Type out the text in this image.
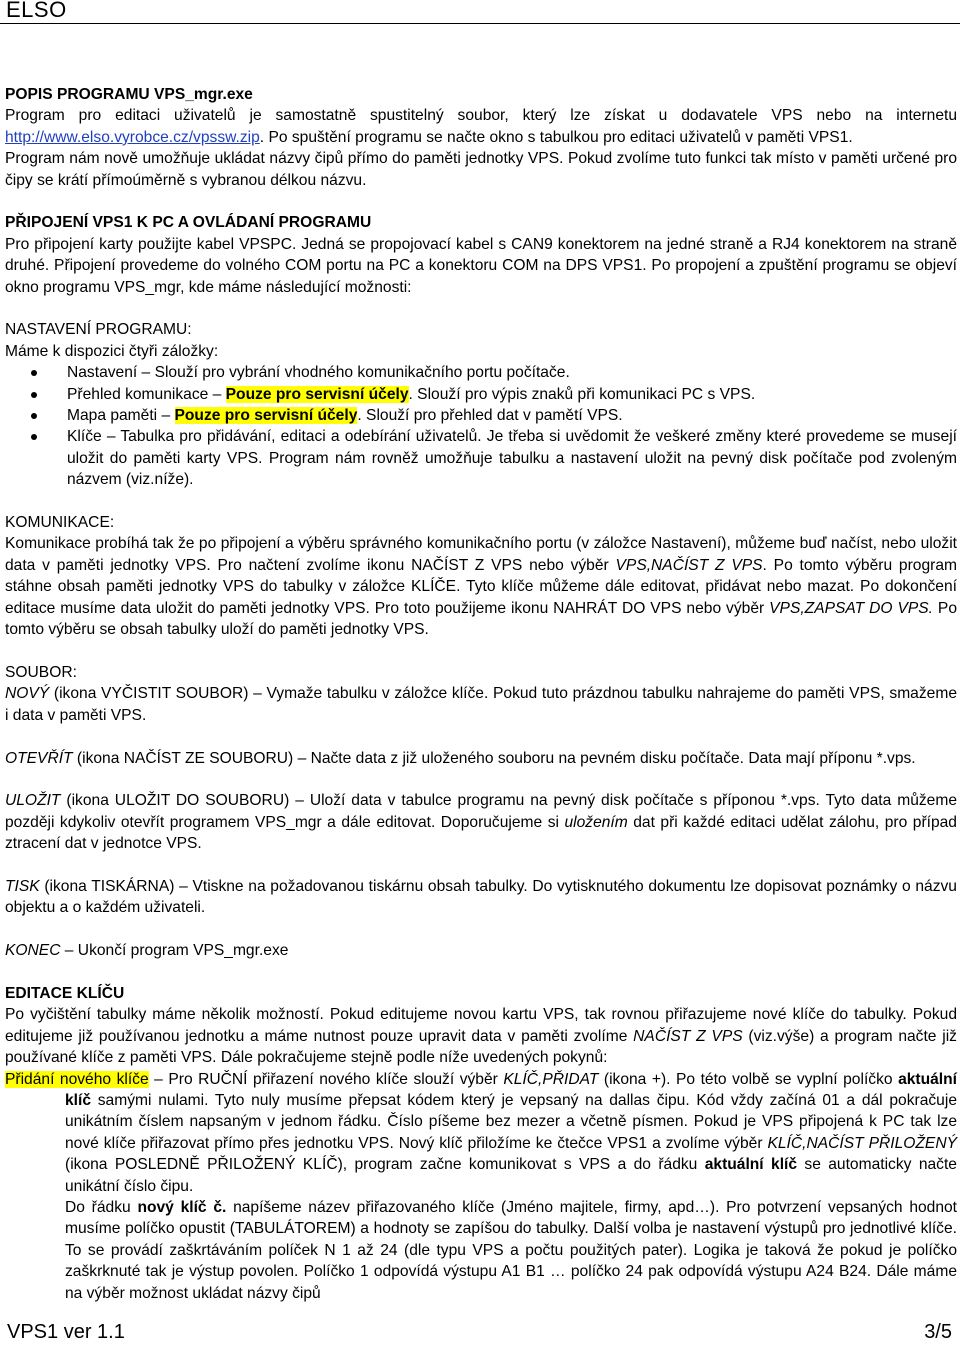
ELSO

POPIS PROGRAMU VPS_mgr.exe

Program pro editaci uživatelů je samostatně spustitelný soubor, který lze získat u dodavatele VPS nebo na internetu http://www.elso.vyrobce.cz/vpssw.zip. Po spuštění programu se načte okno s tabulkou pro editaci uživatelů v paměti VPS1.

Program nám nově umožňuje ukládat názvy čipů přímo do paměti jednotky VPS. Pokud zvolíme tuto funkci tak místo v paměti určené pro čipy se krátí přímoúměrně s vybranou délkou názvu.

PŘIPOJENÍ VPS1 K PC A OVLÁDANÍ PROGRAMU

Pro připojení karty použijte kabel VPSPC. Jedná se propojovací kabel s CAN9 konektorem na jedné straně a RJ4 konektorem na straně druhé. Připojení provedeme do volného COM portu na PC a konektoru COM na DPS VPS1. Po propojení a zpuštění programu se objeví okno programu VPS_mgr, kde máme následující možnosti:

NASTAVENÍ PROGRAMU:

Máme k dispozici čtyři záložky:

Nastavení – Slouží pro vybrání vhodného komunikačního portu počítače.
Přehled komunikace – Pouze pro servisní účely. Slouží pro výpis znaků při komunikaci PC s VPS.
Mapa paměti – Pouze pro servisní účely. Slouží pro přehled dat v pamětí VPS.
Klíče – Tabulka pro přidávání, editaci a odebírání uživatelů. Je třeba si uvědomit že veškeré změny které provedeme se musejí uložit do paměti karty VPS. Program nám rovněž umožňuje tabulku a nastavení uložit na pevný disk počítače pod zvoleným názvem (viz.níže).

KOMUNIKACE:

Komunikace probíhá tak že po připojení a výběru správného komunikačního portu (v záložce Nastavení), můžeme buď načíst, nebo uložit data v paměti jednotky VPS. Pro načtení zvolíme ikonu NAČÍST Z VPS nebo výběr VPS,NAČÍST Z VPS. Po tomto výběru program stáhne obsah paměti jednotky VPS do tabulky v záložce KLÍČE. Tyto klíče můžeme dále editovat, přidávat nebo mazat. Po dokončení editace musíme data uložit do paměti jednotky VPS. Pro toto použijeme ikonu NAHRÁT DO VPS nebo výběr VPS,ZAPSAT DO VPS. Po tomto výběru se obsah tabulky uloží do paměti jednotky VPS.

SOUBOR:

NOVÝ (ikona VYČISTIT SOUBOR) – Vymaže tabulku v záložce klíče. Pokud tuto prázdnou tabulku nahrajeme do paměti VPS, smažeme i data v paměti VPS.

OTEVŘÍT (ikona NAČÍST ZE SOUBORU) – Načte data z již uloženého souboru na pevném disku počítače. Data mají příponu *.vps.

ULOŽIT (ikona ULOŽIT DO SOUBORU) – Uloží data v tabulce programu na pevný disk počítače s příponou *.vps. Tyto data můžeme později kdykoliv otevřít programem VPS_mgr a dále editovat. Doporučujeme si uložením dat při každé editaci udělat zálohu, pro případ ztracení dat v jednotce VPS.

TISK (ikona TISKÁRNA) – Vtiskne na požadovanou tiskárnu obsah tabulky. Do vytisknutého dokumentu lze dopisovat poznámky o názvu objektu a o každém uživateli.

KONEC – Ukončí program VPS_mgr.exe

EDITACE KLÍČU

Po vyčištění tabulky máme několik možností. Pokud editujeme novou kartu VPS, tak rovnou přiřazujeme nové klíče do tabulky. Pokud editujeme již používanou jednotku a máme nutnost pouze upravit data v paměti zvolíme NAČÍST Z VPS (viz.výše) a program načte již používané klíče z paměti VPS. Dále pokračujeme stejně podle níže uvedených pokynů:

Přidání nového klíče – Pro RUČNÍ přiřazení nového klíče slouží výběr KLÍČ,PŘIDAT (ikona +). Po této volbě se vyplní políčko aktuální klíč samými nulami. Tyto nuly musíme přepsat kódem který je vepsaný na dallas čipu. Kód vždy začíná 01 a dál pokračuje unikátním číslem napsaným v jednom řádku. Číslo píšeme bez mezer a včetně písmen. Pokud je VPS připojená k PC tak lze nové klíče přiřazovat přímo přes jednotku VPS. Nový klíč přiložíme ke čtečce VPS1 a zvolíme výběr KLÍČ,NAČÍST PŘILOŽENÝ (ikona POSLEDNĚ PŘILOŽENÝ KLÍČ), program začne komunikovat s VPS a do řádku aktuální klíč se automaticky načte unikátní číslo čipu.

Do řádku nový klíč č. napíšeme název přiřazovaného klíče (Jméno majitele, firmy, apd…). Pro potvrzení vepsaných hodnot musíme políčko opustit (TABULÁTOREM) a hodnoty se zapíšou do tabulky. Další volba je nastavení výstupů pro jednotlivé klíče. To se provádí zaškrtáváním políček N 1 až 24 (dle typu VPS a počtu použitých pater). Logika je taková že pokud je políčko zaškrknuté tak je výstup povolen. Políčko 1 odpovídá výstupu A1 B1 … políčko 24 pak odpovídá výstupu A24 B24. Dále máme na výběr možnost ukládat názvy čipů

VPS1 ver 1.1	3/5
